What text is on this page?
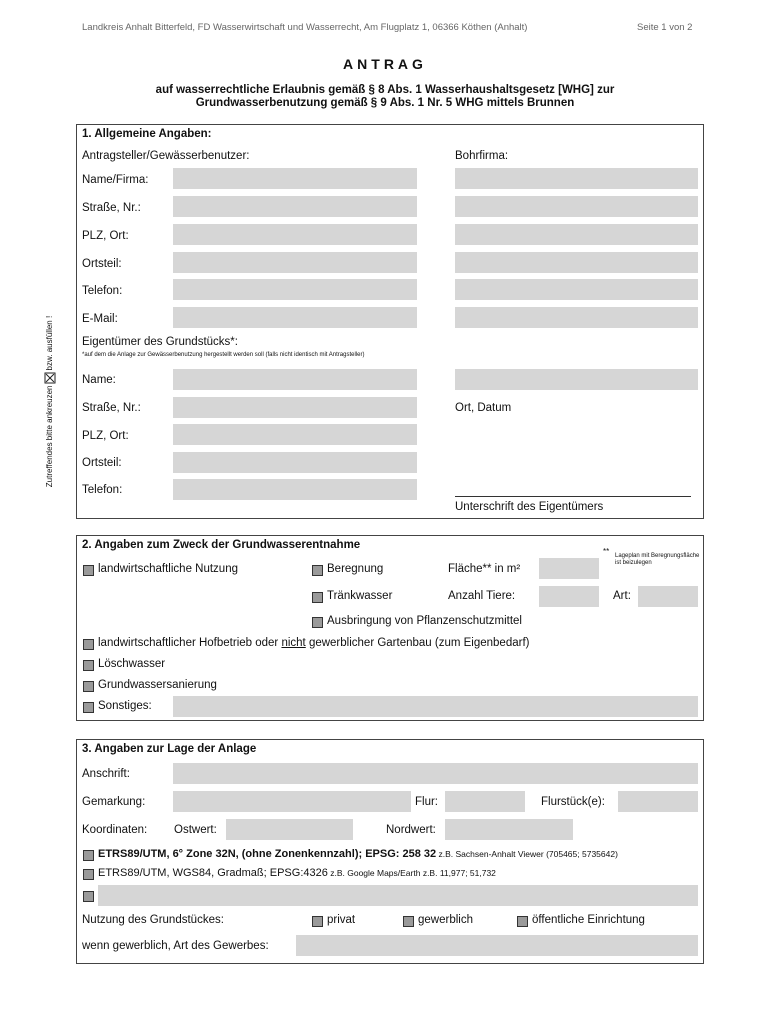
Landkreis Anhalt Bitterfeld, FD Wasserwirtschaft und Wasserrecht, Am Flugplatz 1, 06366 Köthen (Anhalt)	Seite 1 von 2
ANTRAG
auf wasserrechtliche Erlaubnis gemäß § 8 Abs. 1 Wasserhaushaltsgesetz [WHG] zur
Grundwasserbenutzung gemäß § 9 Abs. 1 Nr. 5 WHG mittels Brunnen
Zutreffendes bitte ankreuzenbzw. ausfüllen !
1. Allgemeine Angaben:
Antragsteller/Gewässerbenutzer:	Bohrfirma:
Name/Firma:
Straße, Nr.:
PLZ, Ort:
Ortsteil:
Telefon:
E-Mail:
Eigentümer des Grundstücks*:
*auf dem die Anlage zur Gewässerbenutzung hergestellt werden soll (falls nicht identisch mit Antragsteller)
Name:
Straße, Nr.:	Ort, Datum
PLZ, Ort:
Ortsteil:
Telefon:
Unterschrift des Eigentümers
2. Angaben zum Zweck der Grundwasserentnahme
landwirtschaftliche Nutzung	Beregnung	Fläche** in m²
** Lageplan mit Beregnungsfläche ist beizulegen
Tränkwasser	Anzahl Tiere:	Art:
Ausbringung von Pflanzenschutzmittel
landwirtschaftlicher Hofbetrieb oder nicht gewerblicher Gartenbau (zum Eigenbedarf)
Löschwasser
Grundwassersanierung
Sonstiges:
3. Angaben zur Lage der Anlage
Anschrift:
Gemarkung:	Flur:	Flurstück(e):
Koordinaten: Ostwert:	Nordwert:
ETRS89/UTM, 6° Zone 32N, (ohne Zonenkennzahl); EPSG: 258 32 z.B. Sachsen-Anhalt Viewer (705465; 5735642)
ETRS89/UTM, WGS84, Gradmaß; EPSG:4326 z.B. Google Maps/Earth z.B. 11,977; 51,732
Nutzung des Grundstückes:	privat	gewerblich	öffentliche Einrichtung
wenn gewerblich, Art des Gewerbes:
